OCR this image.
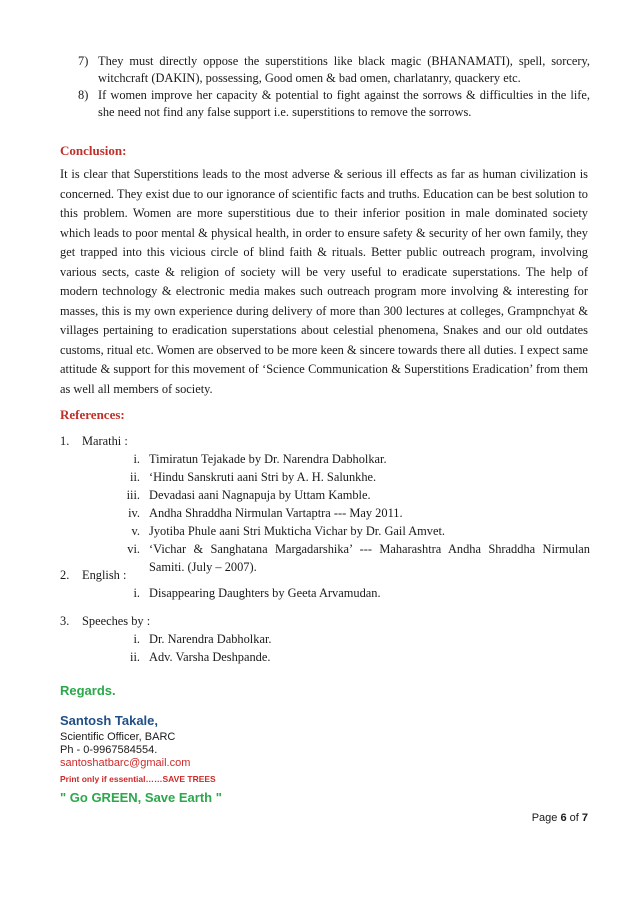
7) They must directly oppose the superstitions like black magic (BHANAMATI), spell, sorcery, witchcraft (DAKIN), possessing, Good omen & bad omen, charlatanry, quackery etc.
8) If women improve her capacity & potential to fight against the sorrows & difficulties in the life, she need not find any false support i.e. superstitions to remove the sorrows.
Conclusion:
It is clear that Superstitions leads to the most adverse & serious ill effects as far as human civilization is concerned. They exist due to our ignorance of scientific facts and truths. Education can be best solution to this problem. Women are more superstitious due to their inferior position in male dominated society which leads to poor mental & physical health, in order to ensure safety & security of her own family, they get trapped into this vicious circle of blind faith & rituals. Better public outreach program, involving various sects, caste & religion of society will be very useful to eradicate superstations. The help of modern technology & electronic media makes such outreach program more involving & interesting for masses, this is my own experience during delivery of more than 300 lectures at colleges, Grampnchyat & villages pertaining to eradication superstations about celestial phenomena, Snakes and our old outdates customs, ritual etc. Women are observed to be more keen & sincere towards there all duties. I expect same attitude & support for this movement of ‘Science Communication & Superstitions Eradication’ from them as well all members of society.
References:
1. Marathi :
i. Timiratun Tejakade by Dr. Narendra Dabholkar.
ii. ‘Hindu Sanskruti aani Stri by A. H. Salunkhe.
iii. Devadasi aani Nagnapuja by Uttam Kamble.
iv. Andha Shraddha Nirmulan Vartaptra --- May 2011.
v. Jyotiba Phule aani Stri Mukticha Vichar by Dr. Gail Amvet.
vi. ‘Vichar & Sanghatana Margadarshika’ --- Maharashtra Andha Shraddha Nirmulan Samiti. (July – 2007).
2. English :
i. Disappearing Daughters by Geeta Arvamudan.
3. Speeches by :
i. Dr. Narendra Dabholkar.
ii. Adv. Varsha Deshpande.
Regards.
Santosh Takale,
Scientific Officer, BARC
Ph - 0-9967584554.
santoshatbarc@gmail.com
Print only if essential……SAVE TREES
" Go GREEN, Save Earth "
Page 6 of 7
